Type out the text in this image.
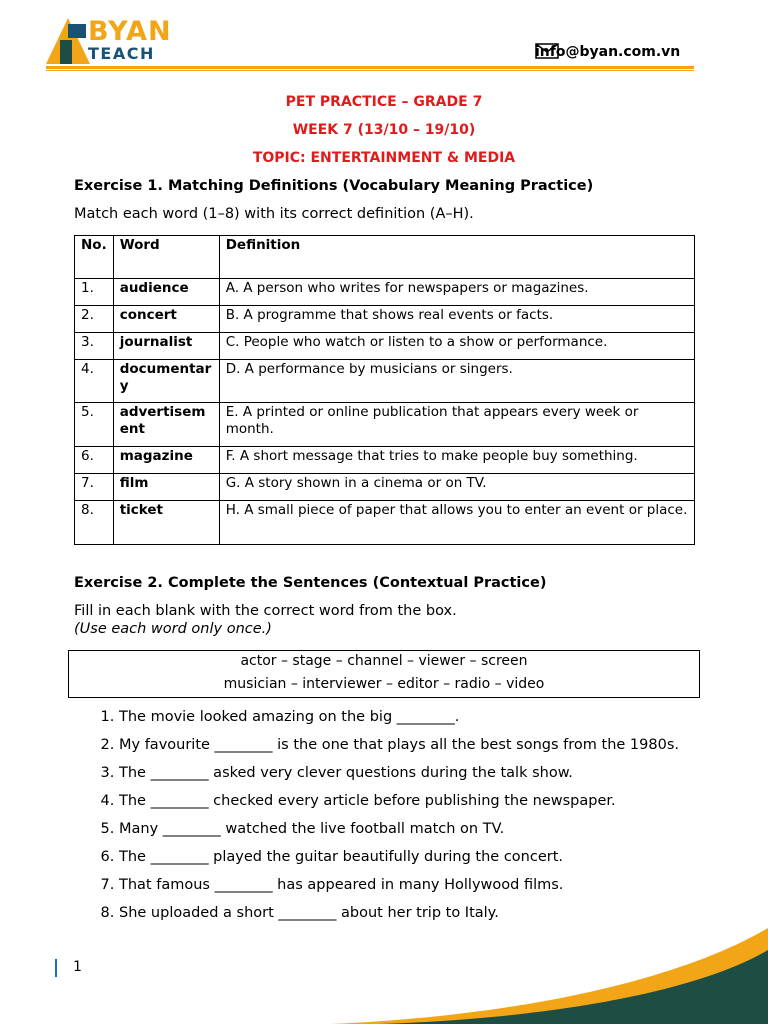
BYAN
TEACH	info@byan.com.vn
PET PRACTICE – GRADE 7
WEEK 7 (13/10 – 19/10)
TOPIC: ENTERTAINMENT & MEDIA
Exercise 1. Matching Definitions (Vocabulary Meaning Practice)
Match each word (1–8) with its correct definition (A–H).
No.	Word	Definition
1.	audience	A. A person who writes for newspapers or magazines.
2.	concert	B. A programme that shows real events or facts.
3.	journalist	C. People who watch or listen to a show or performance.
4.	documentary	D. A performance by musicians or singers.
5.	advertisement	E. A printed or online publication that appears every week or month.
6.	magazine	F. A short message that tries to make people buy something.
7.	film	G. A story shown in a cinema or on TV.
8.	ticket	H. A small piece of paper that allows you to enter an event or place.
Exercise 2. Complete the Sentences (Contextual Practice)
Fill in each blank with the correct word from the box.
(Use each word only once.)
actor – stage – channel – viewer – screen
musician – interviewer – editor – radio – video
1. The movie looked amazing on the big ________.
2. My favourite ________ is the one that plays all the best songs from the 1980s.
3. The ________ asked very clever questions during the talk show.
4. The ________ checked every article before publishing the newspaper.
5. Many ________ watched the live football match on TV.
6. The ________ played the guitar beautifully during the concert.
7. That famous ________ has appeared in many Hollywood films.
8. She uploaded a short ________ about her trip to Italy.
1
